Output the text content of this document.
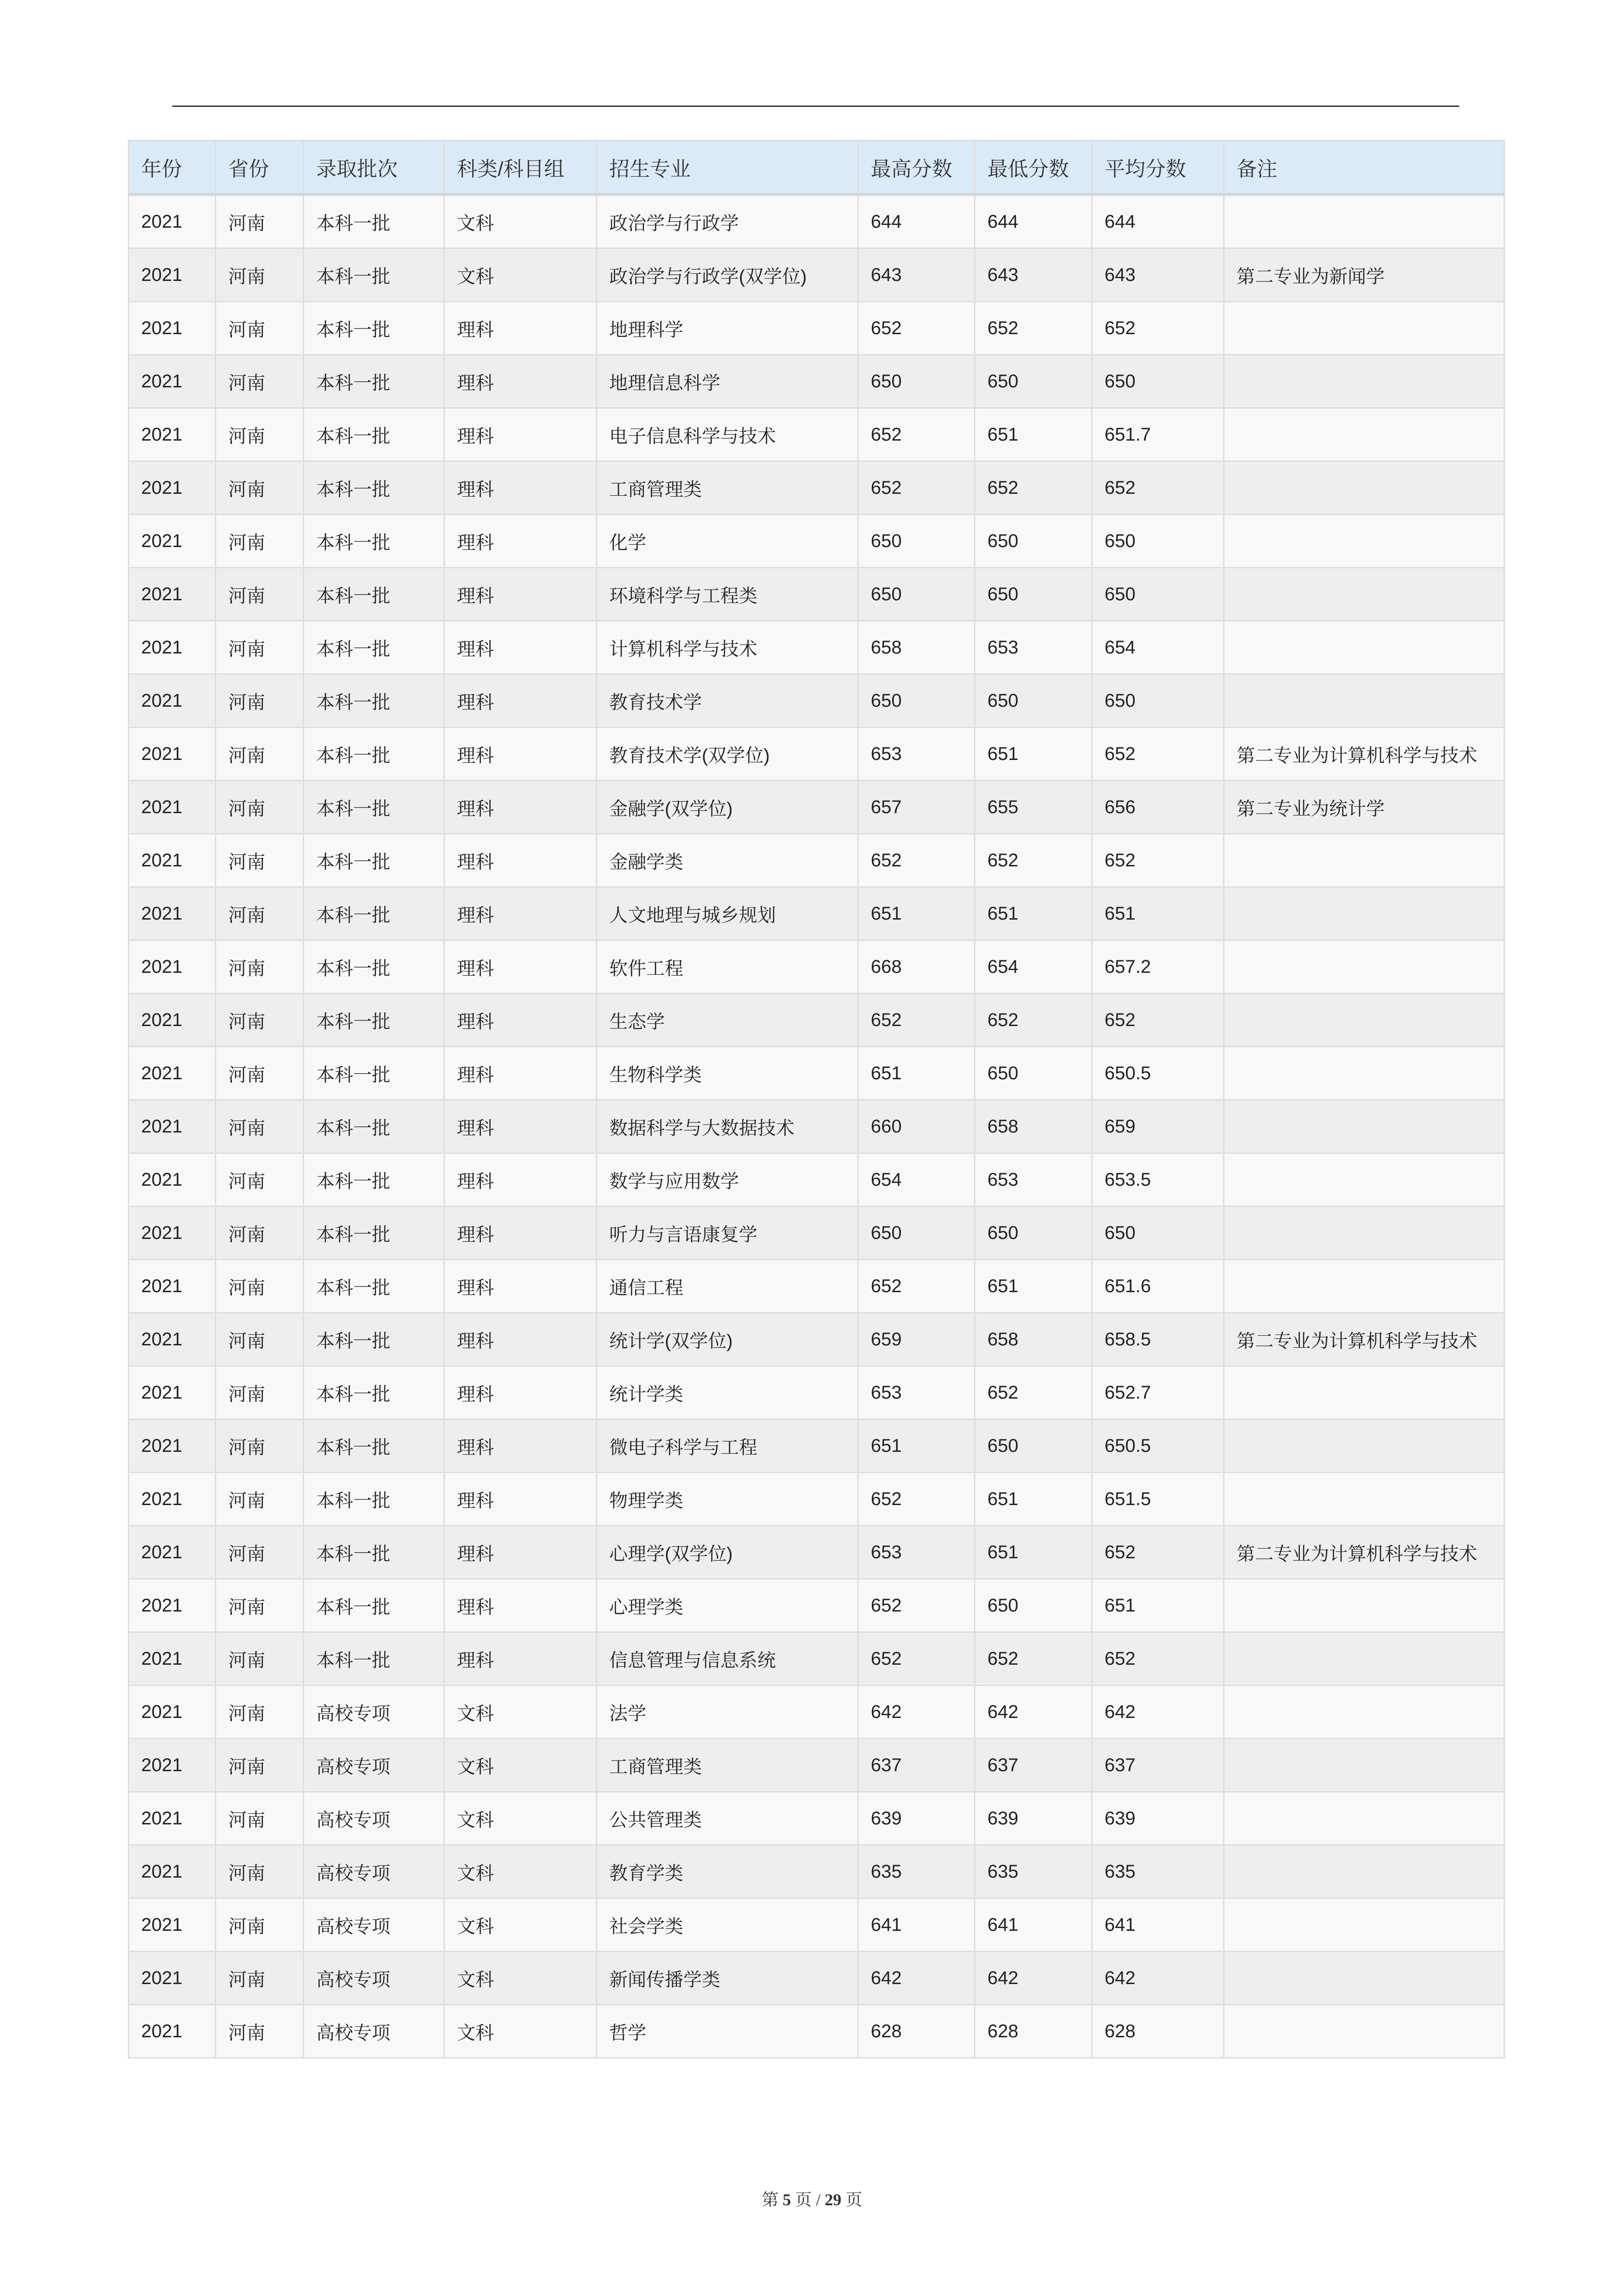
年份	省份	录取批次	科类/科目组	招生专业	最高分数	最低分数	平均分数	备注
2021	河南	本科一批	文科	政治学与行政学	644	644	644	
2021	河南	本科一批	文科	政治学与行政学(双学位)	643	643	643	第二专业为新闻学
2021	河南	本科一批	理科	地理科学	652	652	652	
2021	河南	本科一批	理科	地理信息科学	650	650	650	
2021	河南	本科一批	理科	电子信息科学与技术	652	651	651.7	
2021	河南	本科一批	理科	工商管理类	652	652	652	
2021	河南	本科一批	理科	化学	650	650	650	
2021	河南	本科一批	理科	环境科学与工程类	650	650	650	
2021	河南	本科一批	理科	计算机科学与技术	658	653	654	
2021	河南	本科一批	理科	教育技术学	650	650	650	
2021	河南	本科一批	理科	教育技术学(双学位)	653	651	652	第二专业为计算机科学与技术
2021	河南	本科一批	理科	金融学(双学位)	657	655	656	第二专业为统计学
2021	河南	本科一批	理科	金融学类	652	652	652	
2021	河南	本科一批	理科	人文地理与城乡规划	651	651	651	
2021	河南	本科一批	理科	软件工程	668	654	657.2	
2021	河南	本科一批	理科	生态学	652	652	652	
2021	河南	本科一批	理科	生物科学类	651	650	650.5	
2021	河南	本科一批	理科	数据科学与大数据技术	660	658	659	
2021	河南	本科一批	理科	数学与应用数学	654	653	653.5	
2021	河南	本科一批	理科	听力与言语康复学	650	650	650	
2021	河南	本科一批	理科	通信工程	652	651	651.6	
2021	河南	本科一批	理科	统计学(双学位)	659	658	658.5	第二专业为计算机科学与技术
2021	河南	本科一批	理科	统计学类	653	652	652.7	
2021	河南	本科一批	理科	微电子科学与工程	651	650	650.5	
2021	河南	本科一批	理科	物理学类	652	651	651.5	
2021	河南	本科一批	理科	心理学(双学位)	653	651	652	第二专业为计算机科学与技术
2021	河南	本科一批	理科	心理学类	652	650	651	
2021	河南	本科一批	理科	信息管理与信息系统	652	652	652	
2021	河南	高校专项	文科	法学	642	642	642	
2021	河南	高校专项	文科	工商管理类	637	637	637	
2021	河南	高校专项	文科	公共管理类	639	639	639	
2021	河南	高校专项	文科	教育学类	635	635	635	
2021	河南	高校专项	文科	社会学类	641	641	641	
2021	河南	高校专项	文科	新闻传播学类	642	642	642	
2021	河南	高校专项	文科	哲学	628	628	628	
第 5 页 / 29 页
